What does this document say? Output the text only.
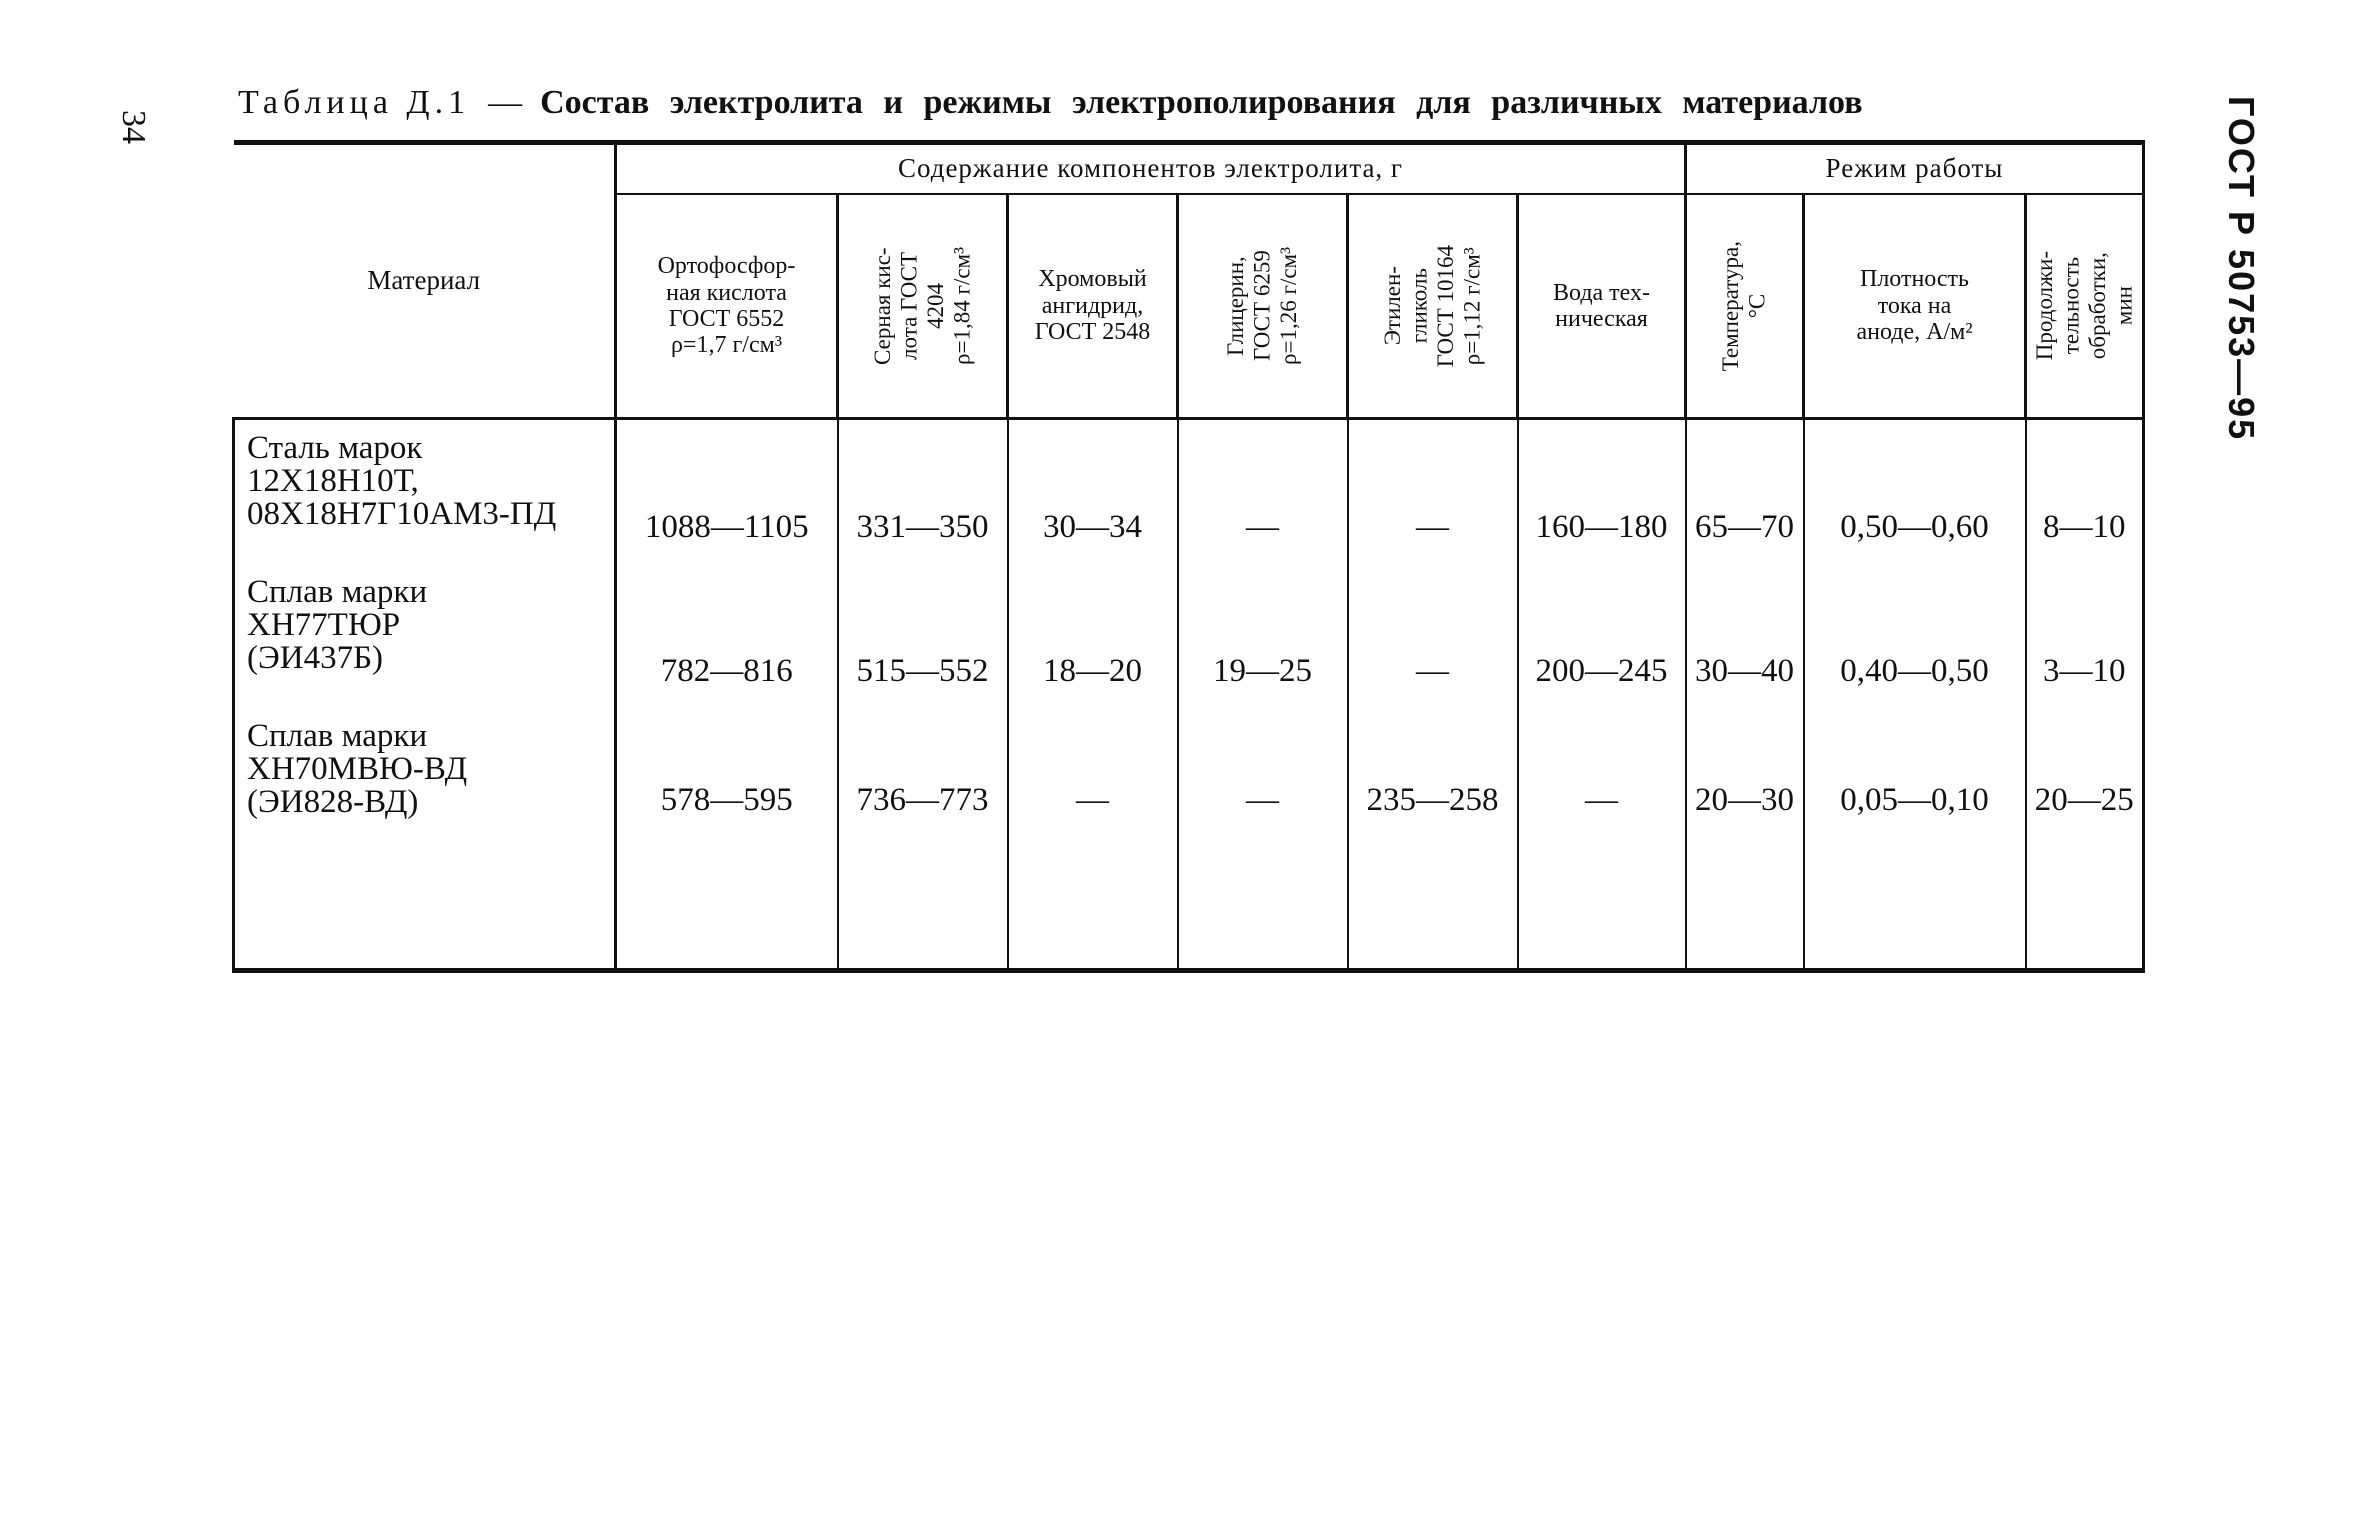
34
Таблица Д.1 — Состав электролита и режимы электрополирования для различных материалов	ГОСТ Р 50753—95
Материал	Содержание компонентов электролита, г						Режим работы		

	Ортофосфор-
ная кислота
ГОСТ 6552
ρ=1,7 г/см³	Серная кис-
лота ГОСТ
4204
ρ=1,84 г/см³	Хромовый
ангидрид,
ГОСТ 2548	Глицерин,
ГОСТ 6259
ρ=1,26 г/см³	Этилен-
гликоль
ГОСТ 10164
ρ=1,12 г/см³	Вода тех-
ническая	Температура,
°С	Плотность
тока на
аноде, А/м²	Продолжи-
тельность
обработки,
мин

Сталь марок
12Х18Н10Т,
08Х18Н7Г10АМ3-ПД	1088—1105	331—350	30—34	—	—	160—180	65—70	0,50—0,60	8—10
Сплав марки
ХН77ТЮР
(ЭИ437Б)	782—816	515—552	18—20	19—25	—	200—245	30—40	0,40—0,50	3—10
Сплав марки
ХН70МВЮ-ВД
(ЭИ828-ВД)	578—595	736—773	—	—	235—258	—	20—30	0,05—0,10	20—25
